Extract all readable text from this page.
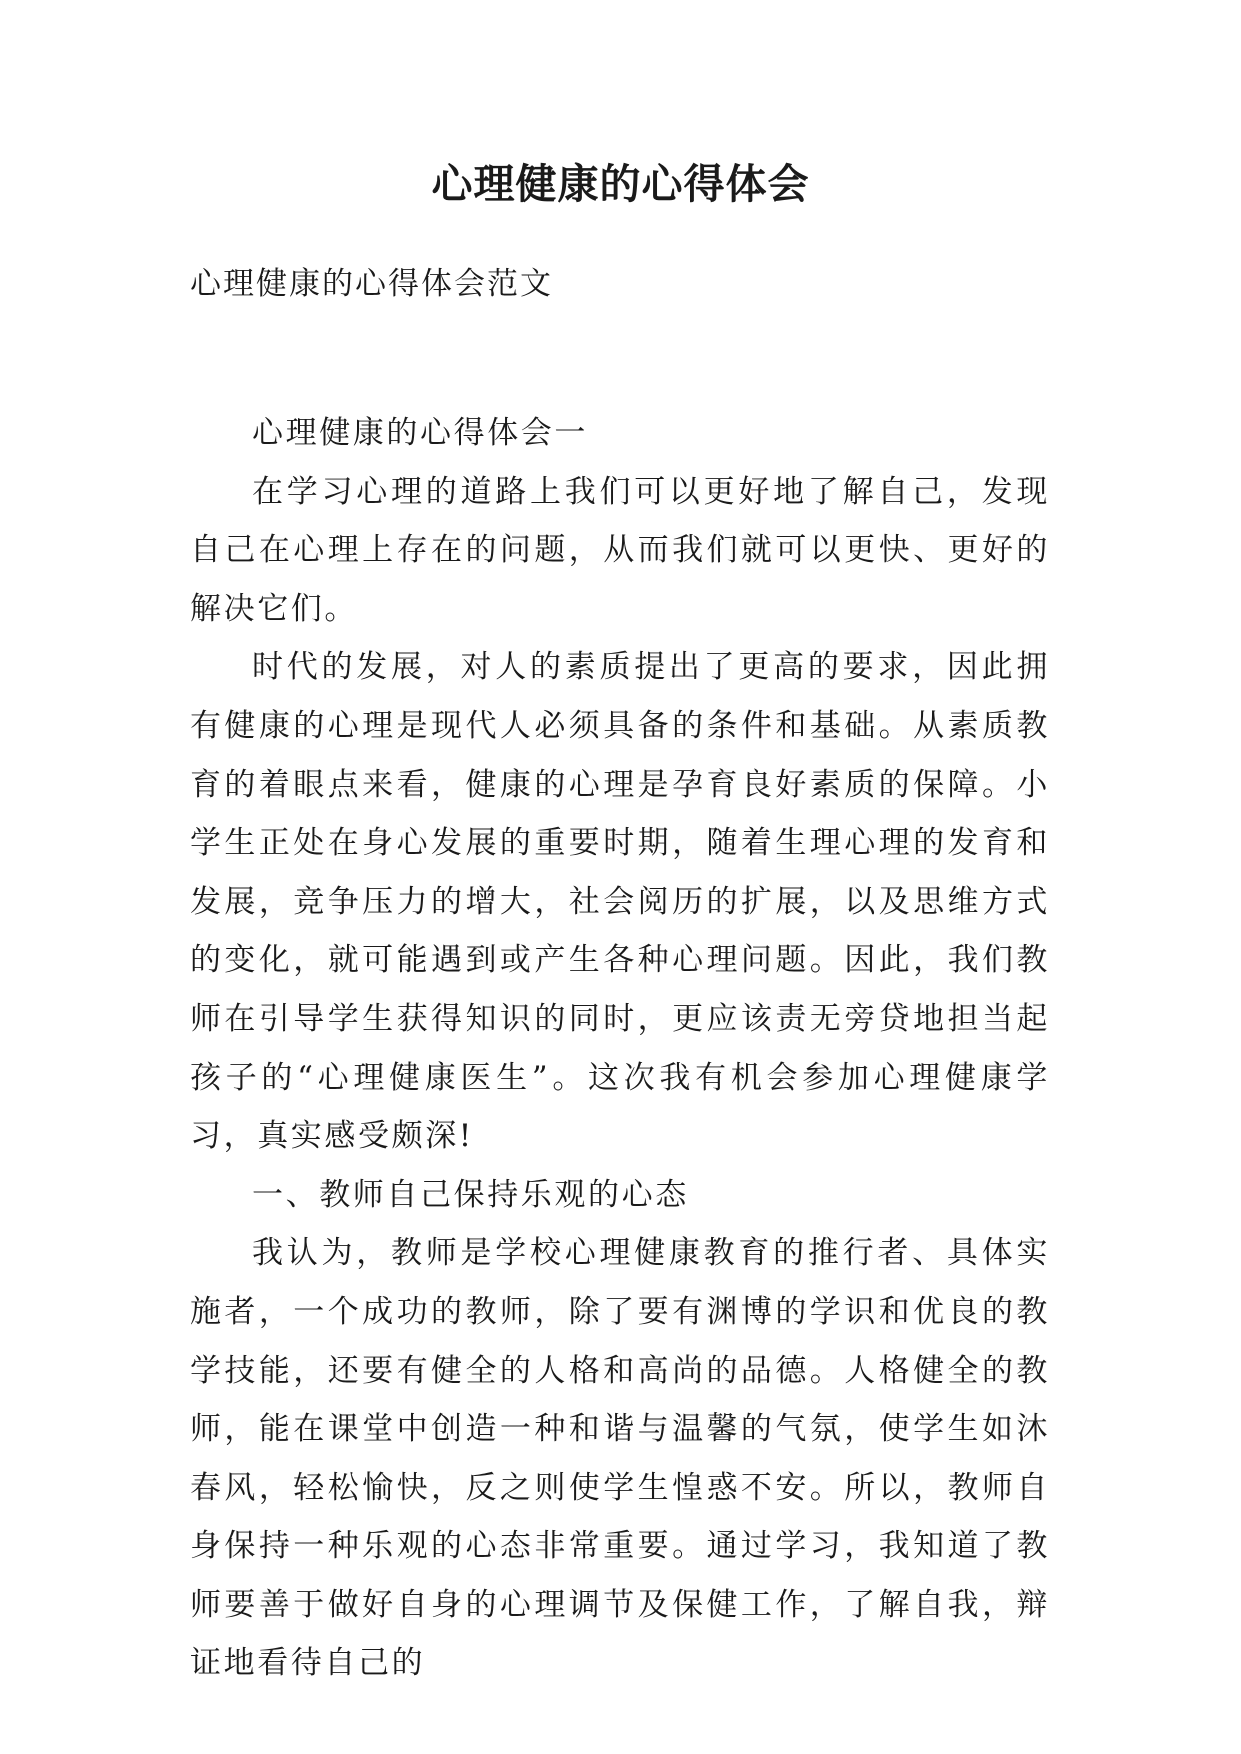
心理健康的心得体会

心理健康的心得体会范文

心理健康的心得体会一

在学习心理的道路上我们可以更好地了解自己，发现自己在心理上存在的问题，从而我们就可以更快、更好的解决它们。

时代的发展，对人的素质提出了更高的要求，因此拥有健康的心理是现代人必须具备的条件和基础。从素质教育的着眼点来看，健康的心理是孕育良好素质的保障。小学生正处在身心发展的重要时期，随着生理心理的发育和发展，竞争压力的增大，社会阅历的扩展，以及思维方式的变化，就可能遇到或产生各种心理问题。因此，我们教师在引导学生获得知识的同时，更应该责无旁贷地担当起孩子的“心理健康医生”。这次我有机会参加心理健康学习，真实感受颇深!

一、教师自己保持乐观的心态

我认为，教师是学校心理健康教育的推行者、具体实施者，一个成功的教师，除了要有渊博的学识和优良的教学技能，还要有健全的人格和高尚的品德。人格健全的教师，能在课堂中创造一种和谐与温馨的气氛，使学生如沐春风，轻松愉快，反之则使学生惶惑不安。所以，教师自身保持一种乐观的心态非常重要。通过学习，我知道了教师要善于做好自身的心理调节及保健工作，了解自我，辩证地看待自己的
